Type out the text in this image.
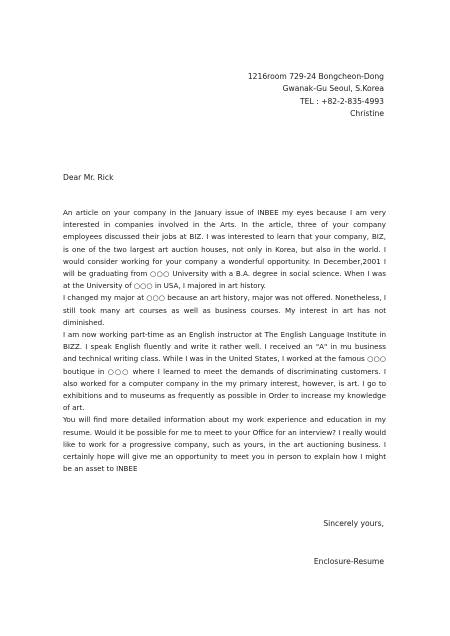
1216room 729-24 Bongcheon-Dong
Gwanak-Gu Seoul, S.Korea
TEL : +82-2-835-4993
Christine
Dear Mr. Rick

An article on your company in the January issue of INBEE my eyes because I am very interested in companies involved in the Arts. In the article, three of your company employees discussed their jobs at BIZ. I was interested to learn that your company, BIZ, is one of the two largest art auction houses, not only in Korea, but also in the world. I would consider working for your company a wonderful opportunity. In December,2001 I will be graduating from ○○○ University with a B.A. degree in social science. When I was at the University of ○○○ in USA, I majored in art history.

I changed my major at ○○○ because an art history, major was not offered. Nonetheless, I still took many art courses as well as business courses. My interest in art has not diminished.

I am now working part-time as an English instructor at The English Language Institute in BIZZ. I speak English fluently and write it rather well. I received an "A" in mu business and technical writing class. While I was in the United States, I worked at the famous ○○○ boutique in ○○○ where I learned to meet the demands of discriminating customers. I also worked for a computer company in the my primary interest, however, is art. I go to exhibitions and to museums as frequently as possible in Order to increase my knowledge of art.

You will find more detailed information about my work experience and education in my resume. Would it be possible for me to meet to your Office for an interview? I really would like to work for a progressive company, such as yours, in the art auctioning business. I certainly hope will give me an opportunity to meet you in person to explain how I might be an asset to INBEE

Sincerely yours,
Enclosure-Resume
